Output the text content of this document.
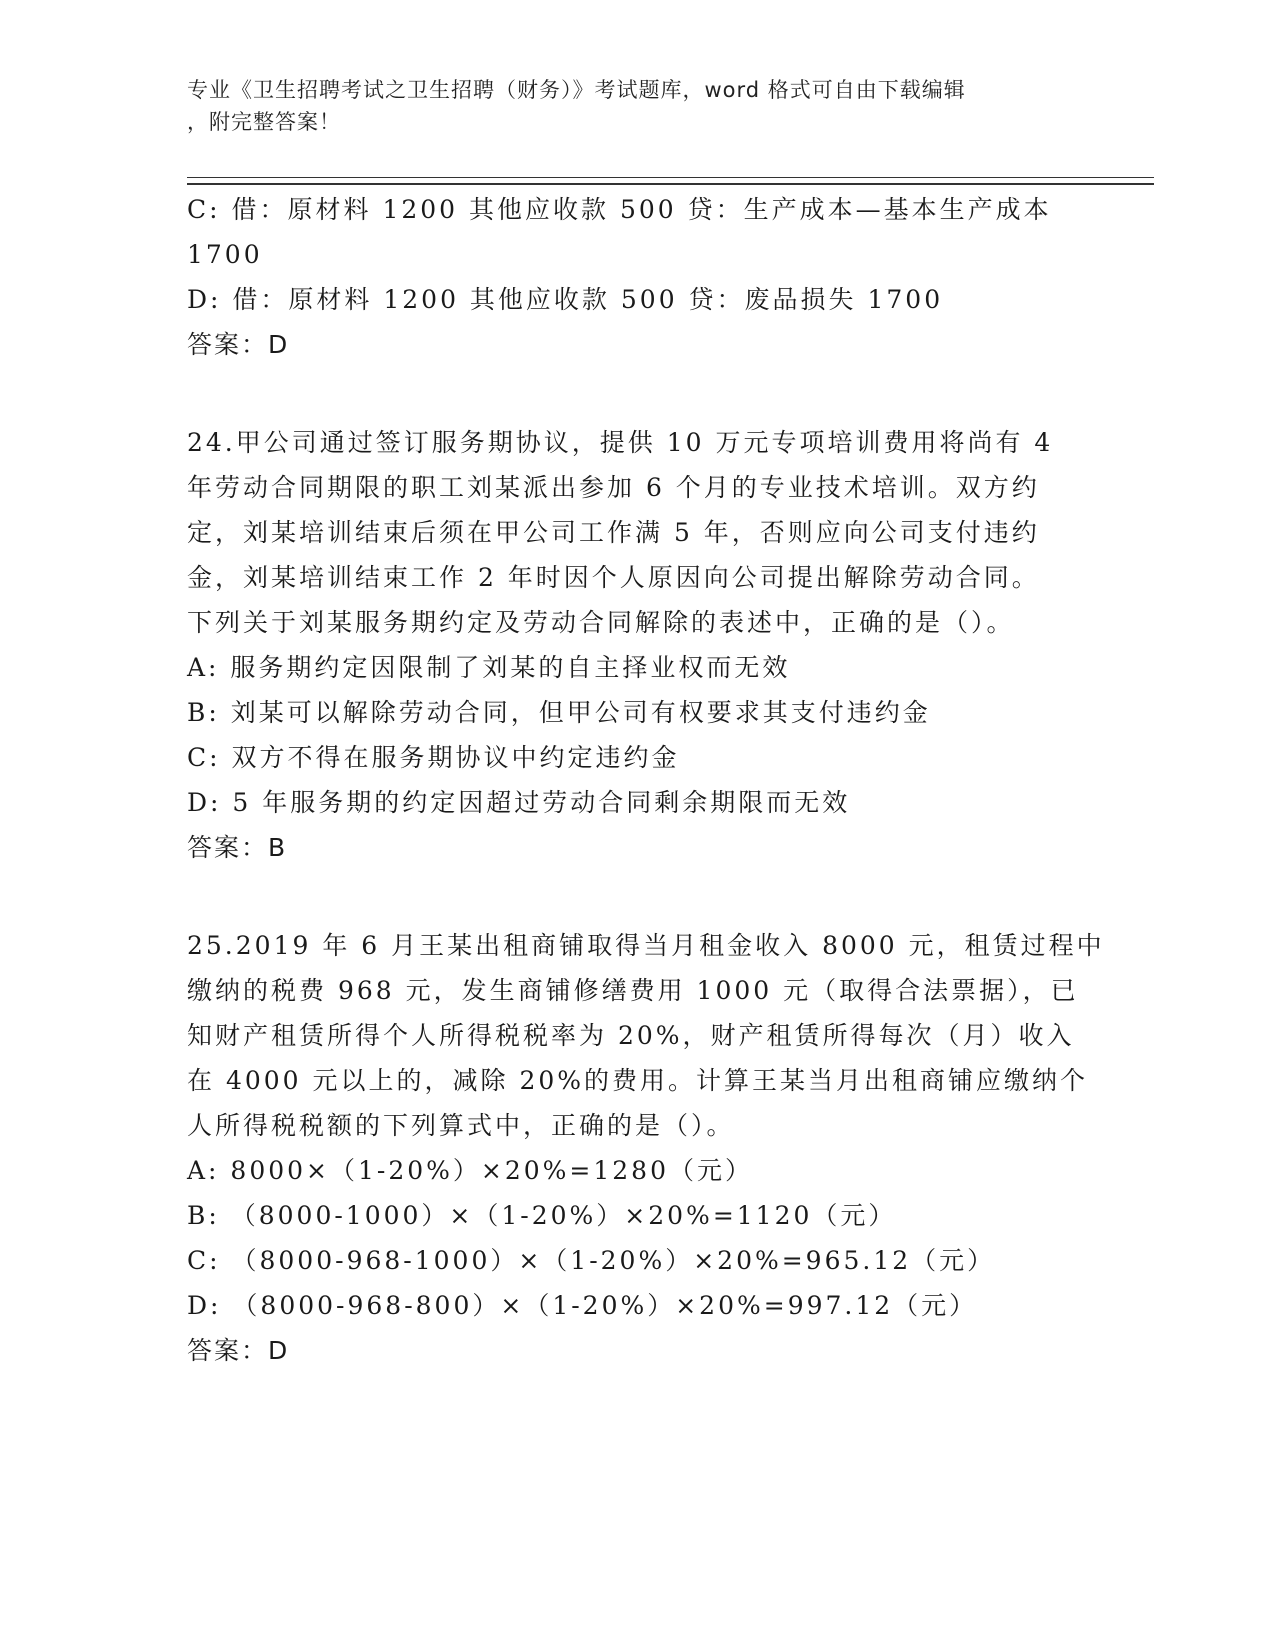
专业《卫生招聘考试之卫生招聘（财务）》考试题库，word 格式可自由下载编辑
，附完整答案！
C: 借：原材料 1200 其他应收款 500 贷：生产成本—基本生产成本
1700
D: 借：原材料 1200 其他应收款 500 贷：废品损失 1700
答案：D
24.甲公司通过签订服务期协议，提供 10 万元专项培训费用将尚有 4
年劳动合同期限的职工刘某派出参加 6 个月的专业技术培训。双方约
定，刘某培训结束后须在甲公司工作满 5 年，否则应向公司支付违约
金，刘某培训结束工作 2 年时因个人原因向公司提出解除劳动合同。
下列关于刘某服务期约定及劳动合同解除的表述中，正确的是（）。
A: 服务期约定因限制了刘某的自主择业权而无效
B: 刘某可以解除劳动合同，但甲公司有权要求其支付违约金
C: 双方不得在服务期协议中约定违约金
D: 5 年服务期的约定因超过劳动合同剩余期限而无效
答案：B
25.2019 年 6 月王某出租商铺取得当月租金收入 8000 元，租赁过程中
缴纳的税费 968 元，发生商铺修缮费用 1000 元（取得合法票据），已
知财产租赁所得个人所得税税率为 20%，财产租赁所得每次（月）收入
在 4000 元以上的，减除 20%的费用。计算王某当月出租商铺应缴纳个
人所得税税额的下列算式中，正确的是（）。
A: 8000×（1-20%）×20%=1280（元）
B: （8000-1000）×（1-20%）×20%=1120（元）
C: （8000-968-1000）×（1-20%）×20%=965.12（元）
D: （8000-968-800）×（1-20%）×20%=997.12（元）
答案：D
